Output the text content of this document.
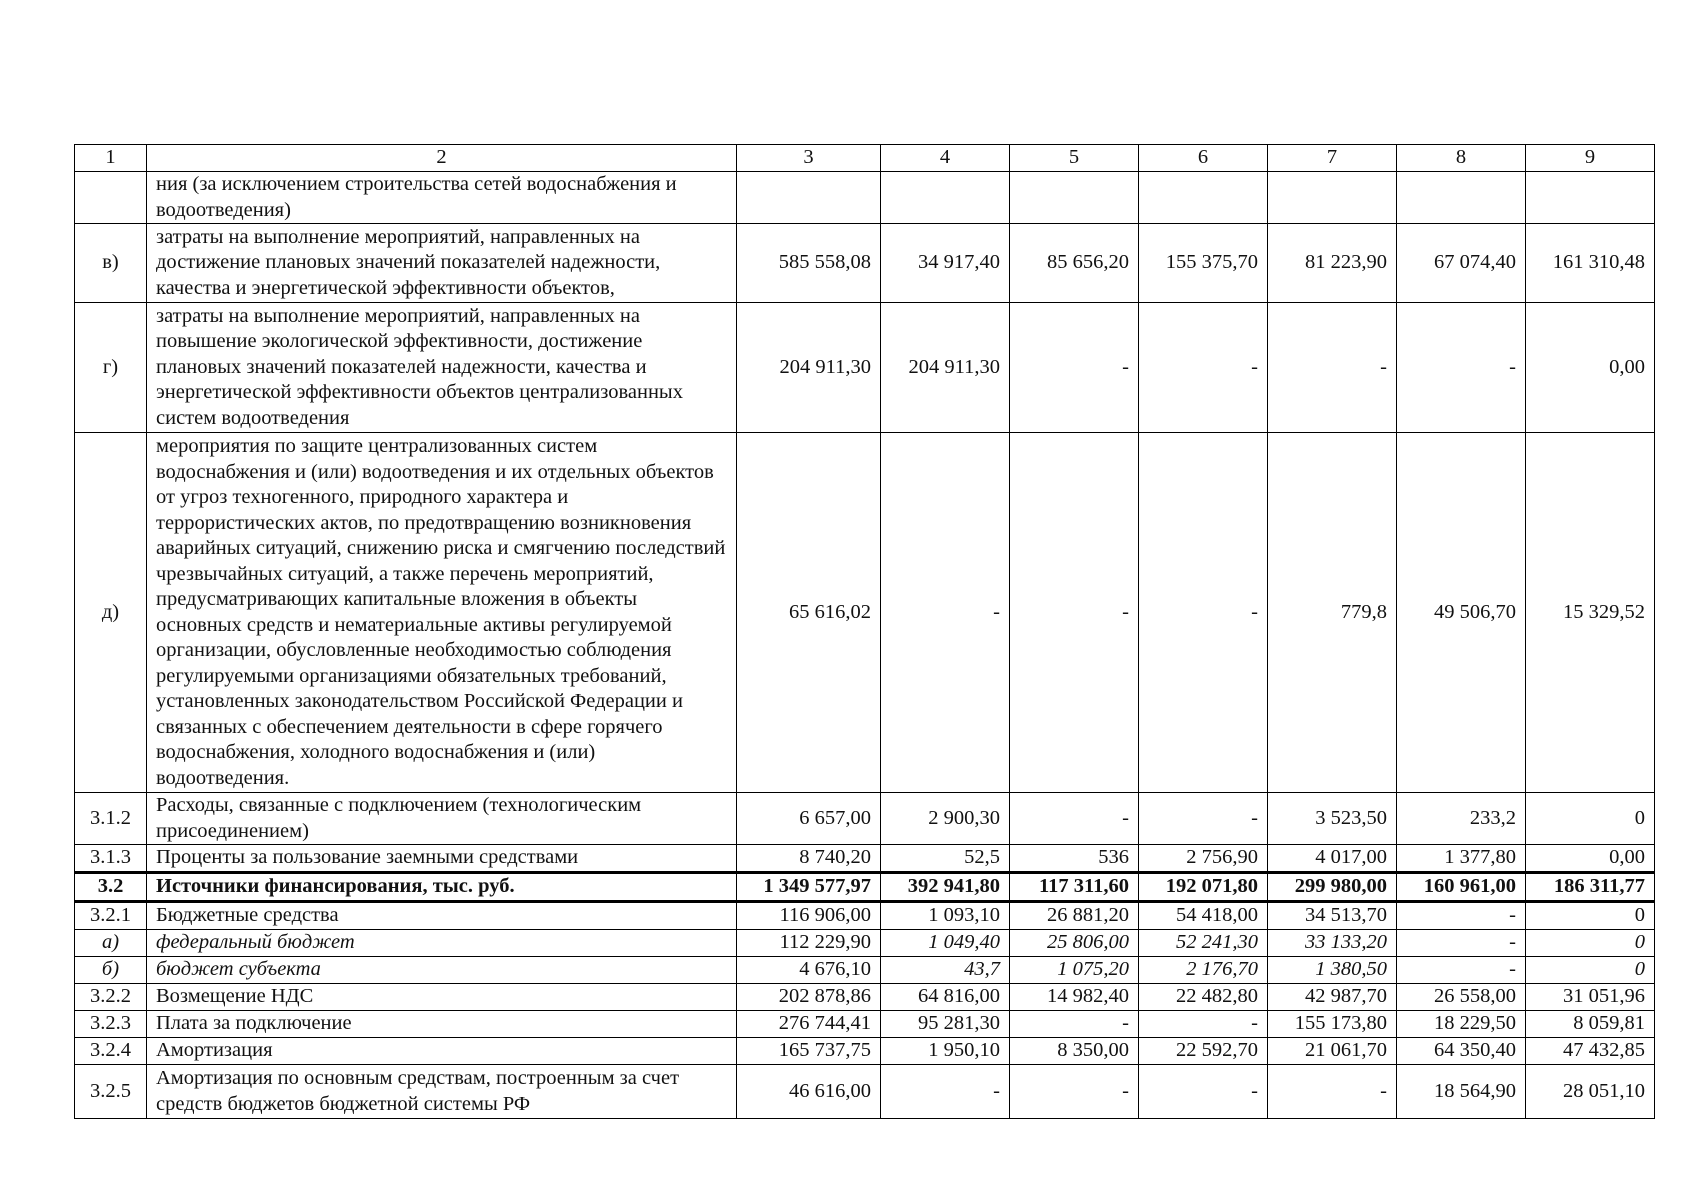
1	2	3	4	5	6	7	8	9
	ния (за исключением строительства сетей водоснабжения и водоотведения)							
в)	затраты на выполнение мероприятий, направленных на достижение плановых значений показателей надежности, качества и энергетической эффективности объектов,	585 558,08	34 917,40	85 656,20	155 375,70	81 223,90	67 074,40	161 310,48
г)	затраты на выполнение мероприятий, направленных на повышение экологической эффективности, достижение плановых значений показателей надежности, качества и энергетической эффективности объектов централизованных систем водоотведения	204 911,30	204 911,30	-	-	-	-	0,00
д)	мероприятия по защите централизованных систем водоснабжения и (или) водоотведения и их отдельных объектов от угроз техногенного, природного характера и террористических актов, по предотвращению возникновения аварийных ситуаций, снижению риска и смягчению последствий чрезвычайных ситуаций, а также перечень мероприятий, предусматривающих капитальные вложения в объекты основных средств и нематериальные активы регулируемой организации, обусловленные необходимостью соблюдения регулируемыми организациями обязательных требований, установленных законодательством Российской Федерации и связанных с обеспечением деятельности в сфере горячего водоснабжения, холодного водоснабжения и (или) водоотведения.	65 616,02	-	-	-	779,8	49 506,70	15 329,52
3.1.2	Расходы, связанные с подключением (технологическим присоединением)	6 657,00	2 900,30	-	-	3 523,50	233,2	0
3.1.3	Проценты за пользование заемными средствами	8 740,20	52,5	536	2 756,90	4 017,00	1 377,80	0,00
3.2	Источники финансирования, тыс. руб.	1 349 577,97	392 941,80	117 311,60	192 071,80	299 980,00	160 961,00	186 311,77
3.2.1	Бюджетные средства	116 906,00	1 093,10	26 881,20	54 418,00	34 513,70	-	0
а)	федеральный бюджет	112 229,90	1 049,40	25 806,00	52 241,30	33 133,20	-	0
б)	бюджет субъекта	4 676,10	43,7	1 075,20	2 176,70	1 380,50	-	0
3.2.2	Возмещение НДС	202 878,86	64 816,00	14 982,40	22 482,80	42 987,70	26 558,00	31 051,96
3.2.3	Плата за подключение	276 744,41	95 281,30	-	-	155 173,80	18 229,50	8 059,81
3.2.4	Амортизация	165 737,75	1 950,10	8 350,00	22 592,70	21 061,70	64 350,40	47 432,85
3.2.5	Амортизация по основным средствам, построенным за счет средств бюджетов бюджетной системы РФ	46 616,00	-	-	-	-	18 564,90	28 051,10
